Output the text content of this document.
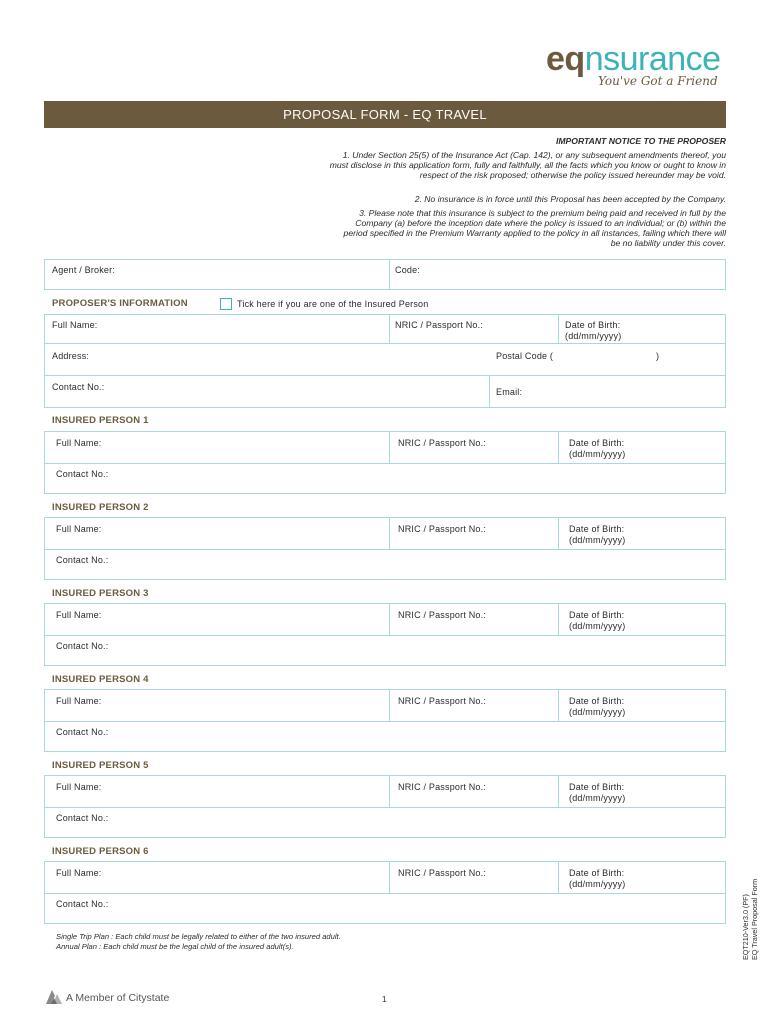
eqnsurance
You've Got a Friend
PROPOSAL FORM - EQ TRAVEL
IMPORTANT NOTICE TO THE PROPOSER
1. Under Section 25(5) of the Insurance Act (Cap. 142), or any subsequent amendments thereof, you must disclose in this application form, fully and faithfully, all the facts which you know or ought to know in respect of the risk proposed; otherwise the policy issued hereunder may be void.
2. No insurance is in force until this Proposal has been accepted by the Company.
3. Please note that this insurance is subject to the premium being paid and received in full by the Company (a) before the inception date where the policy is issued to an individual; or (b) within the period specified in the Premium Warranty applied to the policy in all instances, failing which there will be no liability under this cover.
Agent / Broker:	Code:
PROPOSER'S INFORMATION	Tick here if you are one of the Insured Person
Full Name:	NRIC / Passport No.:	Date of Birth:
(dd/mm/yyyy)
Address:	Postal Code (	)
Contact No.:	Email:
INSURED PERSON 1
Full Name:	NRIC / Passport No.:	Date of Birth:
(dd/mm/yyyy)
Contact No.:
INSURED PERSON 2
Full Name:	NRIC / Passport No.:	Date of Birth:
(dd/mm/yyyy)
Contact No.:
INSURED PERSON 3
Full Name:	NRIC / Passport No.:	Date of Birth:
(dd/mm/yyyy)
Contact No.:
INSURED PERSON 4
Full Name:	NRIC / Passport No.:	Date of Birth:
(dd/mm/yyyy)
Contact No.:
INSURED PERSON 5
Full Name:	NRIC / Passport No.:	Date of Birth:
(dd/mm/yyyy)
Contact No.:
INSURED PERSON 6
Full Name:	NRIC / Passport No.:	Date of Birth:
(dd/mm/yyyy)
Contact No.:
Single Trip Plan : Each child must be legally related to either of the two insured adult.
Annual Plan : Each child must be the legal child of the insured adult(s).	EQT210-Ver3.0 (PF) EQ Travel Proposal Form
A Member of Citystate	1
